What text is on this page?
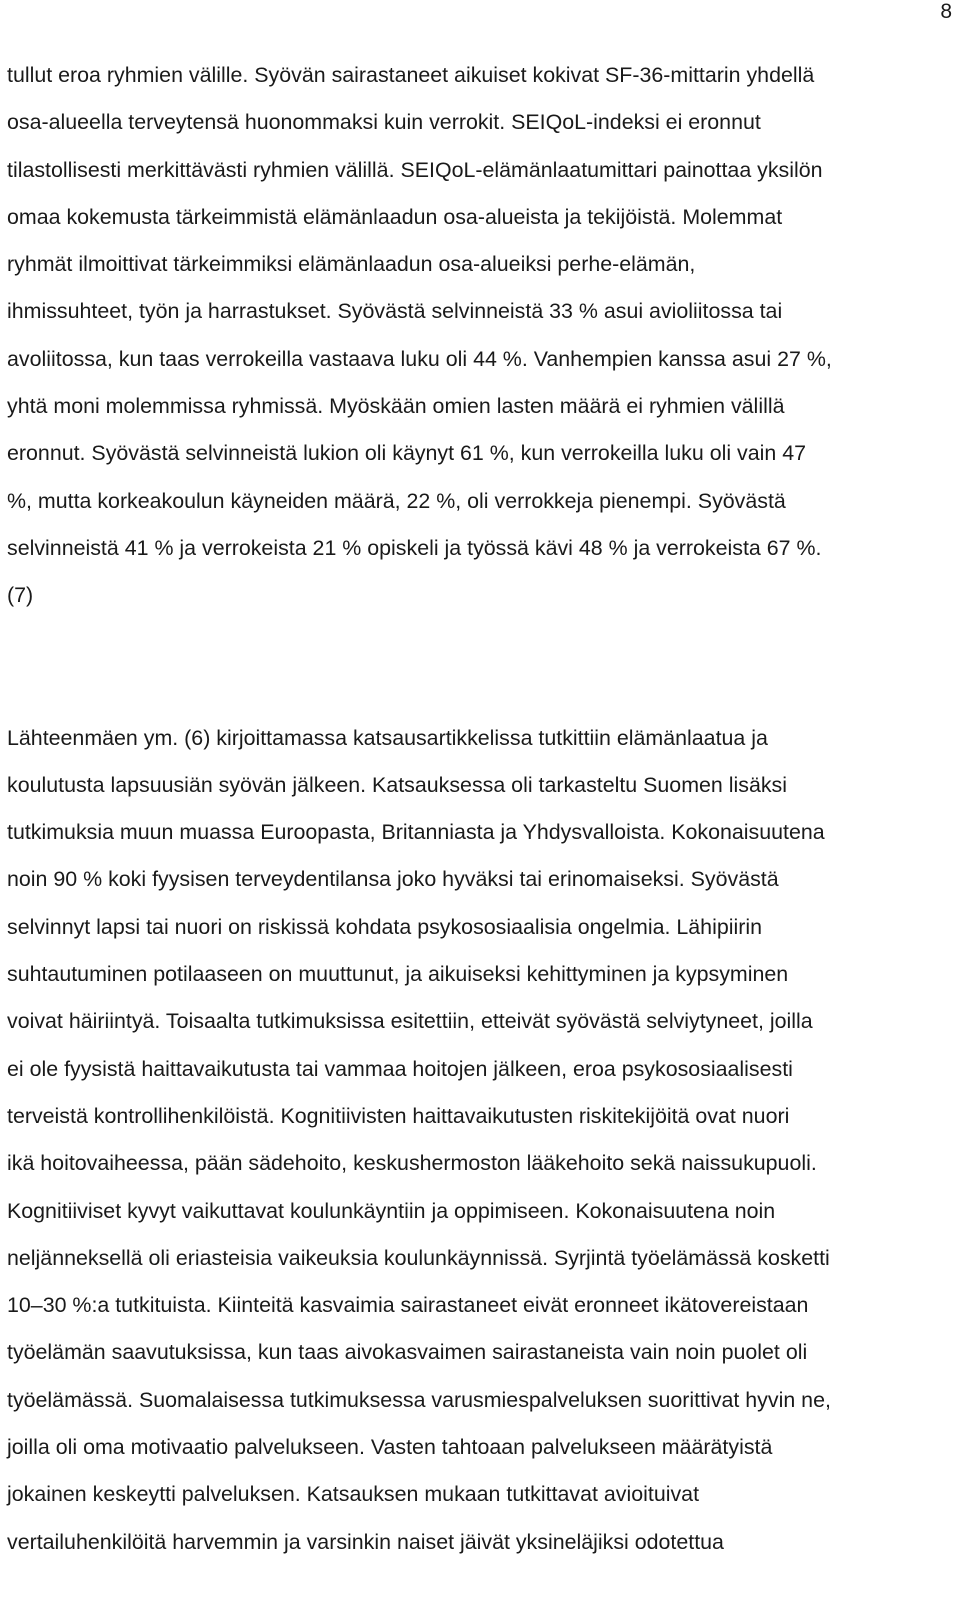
8
tullut eroa ryhmien välille. Syövän sairastaneet aikuiset kokivat SF-36-mittarin yhdellä
osa-alueella terveytensä huonommaksi kuin verrokit. SEIQoL-indeksi ei eronnut
tilastollisesti merkittävästi ryhmien välillä. SEIQoL-elämänlaatumittari painottaa yksilön
omaa kokemusta tärkeimmistä elämänlaadun osa-alueista ja tekijöistä. Molemmat
ryhmät ilmoittivat tärkeimmiksi elämänlaadun osa-alueiksi perhe-elämän,
ihmissuhteet, työn ja harrastukset. Syövästä selvinneistä 33 % asui avioliitossa tai
avoliitossa, kun taas verrokeilla vastaava luku oli 44 %. Vanhempien kanssa asui 27 %,
yhtä moni molemmissa ryhmissä. Myöskään omien lasten määrä ei ryhmien välillä
eronnut. Syövästä selvinneistä lukion oli käynyt 61 %, kun verrokeilla luku oli vain 47
%, mutta korkeakoulun käyneiden määrä, 22 %, oli verrokkeja pienempi. Syövästä
selvinneistä 41 % ja verrokeista 21 % opiskeli ja työssä kävi 48 % ja verrokeista 67 %.
(7)
Lähteenmäen ym. (6) kirjoittamassa katsausartikkelissa tutkittiin elämänlaatua ja
koulutusta lapsuusiän syövän jälkeen. Katsauksessa oli tarkasteltu Suomen lisäksi
tutkimuksia muun muassa Euroopasta, Britanniasta ja Yhdysvalloista. Kokonaisuutena
noin 90 % koki fyysisen terveydentilansa joko hyväksi tai erinomaiseksi. Syövästä
selvinnyt lapsi tai nuori on riskissä kohdata psykososiaalisia ongelmia. Lähipiirin
suhtautuminen potilaaseen on muuttunut, ja aikuiseksi kehittyminen ja kypsyminen
voivat häiriintyä. Toisaalta tutkimuksissa esitettiin, etteivät syövästä selviytyneet, joilla
ei ole fyysistä haittavaikutusta tai vammaa hoitojen jälkeen, eroa psykososiaalisesti
terveistä kontrollihenkilöistä. Kognitiivisten haittavaikutusten riskitekijöitä ovat nuori
ikä hoitovaiheessa, pään sädehoito, keskushermoston lääkehoito sekä naissukupuoli.
Kognitiiviset kyvyt vaikuttavat koulunkäyntiin ja oppimiseen. Kokonaisuutena noin
neljänneksellä oli eriasteisia vaikeuksia koulunkäynnissä. Syrjintä työelämässä kosketti
10–30 %:a tutkituista. Kiinteitä kasvaimia sairastaneet eivät eronneet ikätovereistaan
työelämän saavutuksissa, kun taas aivokasvaimen sairastaneista vain noin puolet oli
työelämässä. Suomalaisessa tutkimuksessa varusmiespalveluksen suorittivat hyvin ne,
joilla oli oma motivaatio palvelukseen. Vasten tahtoaan palvelukseen määrätyistä
jokainen keskeytti palveluksen. Katsauksen mukaan tutkittavat avioituivat
vertailuhenkilöitä harvemmin ja varsinkin naiset jäivät yksineläjiksi odotettua
